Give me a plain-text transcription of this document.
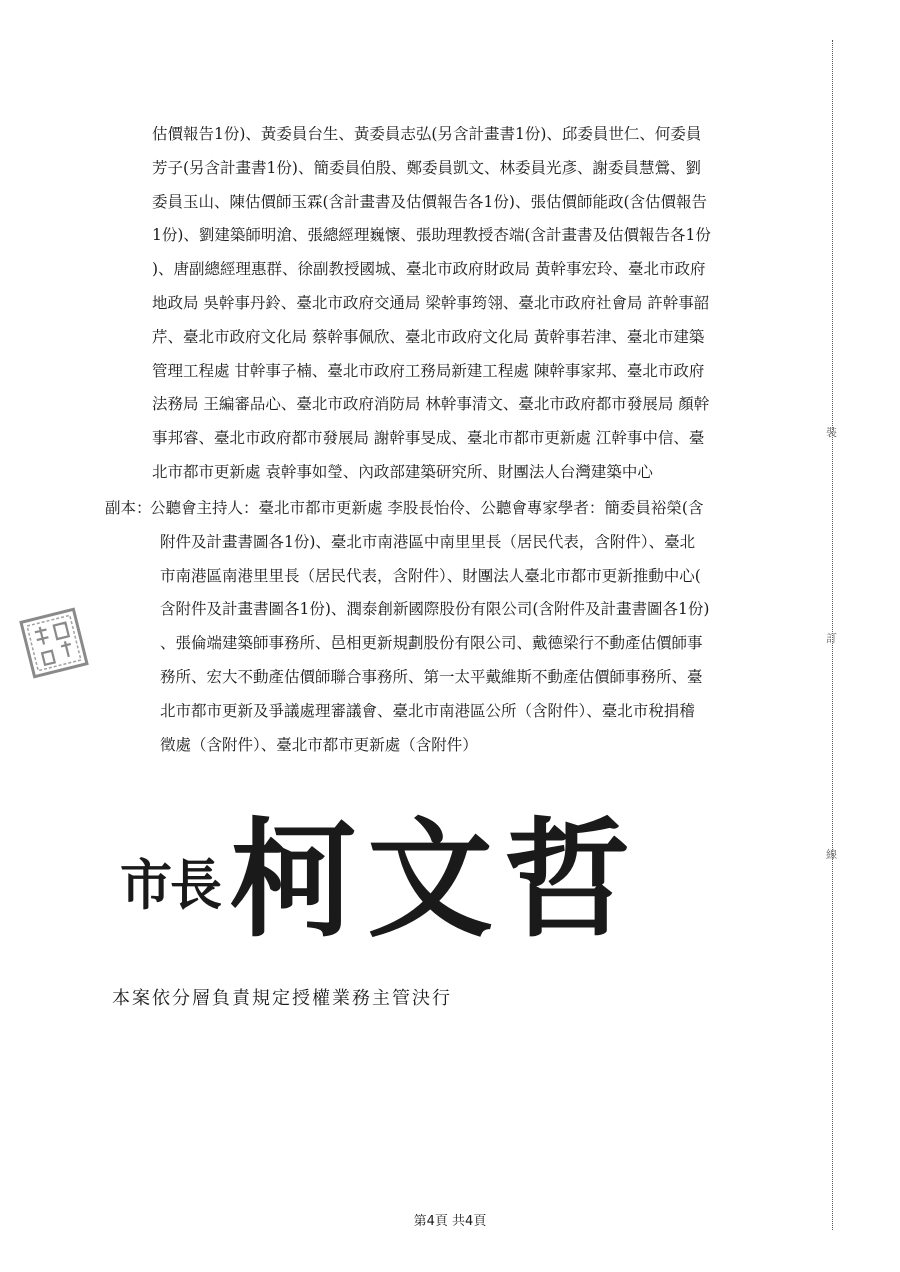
裝
訂
線
估價報告1份)、黃委員台生、黃委員志弘(另含計畫書1份)、邱委員世仁、何委員
芳子(另含計畫書1份)、簡委員伯殷、鄭委員凱文、林委員光彥、謝委員慧鶯、劉
委員玉山、陳估價師玉霖(含計畫書及估價報告各1份)、張估價師能政(含估價報告
1份)、劉建築師明滄、張總經理巍懷、張助理教授杏端(含計畫書及估價報告各1份
)、唐副總經理惠群、徐副教授國城、臺北市政府財政局 黃幹事宏玲、臺北市政府
地政局 吳幹事丹鈴、臺北市政府交通局 梁幹事筠翎、臺北市政府社會局 許幹事韶
芹、臺北市政府文化局 蔡幹事佩欣、臺北市政府文化局 黃幹事若津、臺北市建築
管理工程處 甘幹事子楠、臺北市政府工務局新建工程處 陳幹事家邦、臺北市政府
法務局 王編審品心、臺北市政府消防局 林幹事清文、臺北市政府都市發展局 顏幹
事邦睿、臺北市政府都市發展局 謝幹事旻成、臺北市都市更新處 江幹事中信、臺
北市都市更新處 袁幹事如瑩、內政部建築研究所、財團法人台灣建築中心
副本：
公聽會主持人：臺北市都市更新處 李股長怡伶、公聽會專家學者：簡委員裕榮(含
附件及計畫書圖各1份)、臺北市南港區中南里里長（居民代表，含附件）、臺北
市南港區南港里里長（居民代表，含附件）、財團法人臺北市都市更新推動中心(
含附件及計畫書圖各1份)、潤泰創新國際股份有限公司(含附件及計畫書圖各1份)
、張倫端建築師事務所、邑相更新規劃股份有限公司、戴德梁行不動產估價師事
務所、宏大不動產估價師聯合事務所、第一太平戴維斯不動產估價師事務所、臺
北市都市更新及爭議處理審議會、臺北市南港區公所（含附件）、臺北市稅捐稽
徵處（含附件）、臺北市都市更新處（含附件）
市長 柯文哲
本案依分層負責規定授權業務主管決行
第4頁 共4頁
